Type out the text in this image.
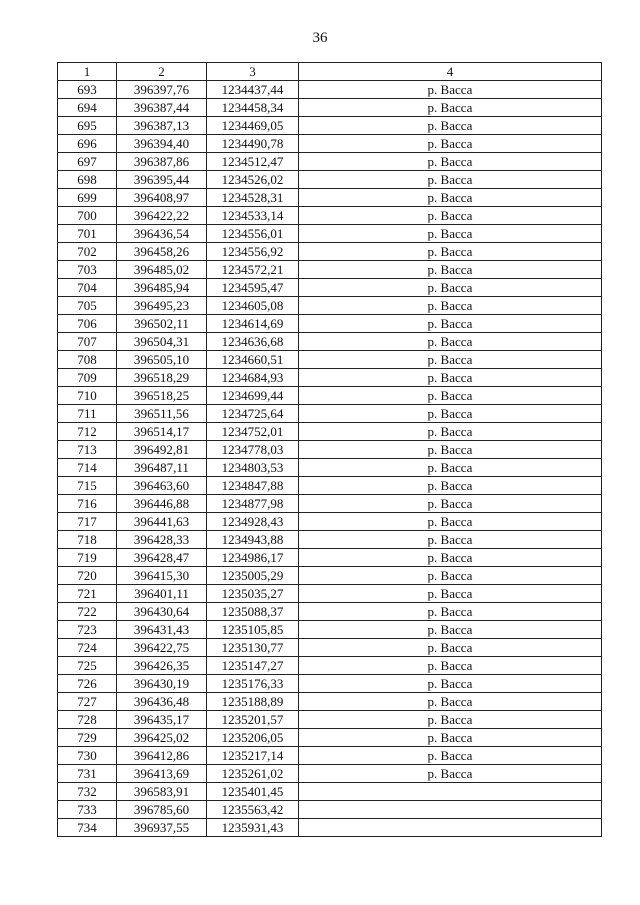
36
1	2	3	4
693	396397,76	1234437,44	р. Васса
694	396387,44	1234458,34	р. Васса
695	396387,13	1234469,05	р. Васса
696	396394,40	1234490,78	р. Васса
697	396387,86	1234512,47	р. Васса
698	396395,44	1234526,02	р. Васса
699	396408,97	1234528,31	р. Васса
700	396422,22	1234533,14	р. Васса
701	396436,54	1234556,01	р. Васса
702	396458,26	1234556,92	р. Васса
703	396485,02	1234572,21	р. Васса
704	396485,94	1234595,47	р. Васса
705	396495,23	1234605,08	р. Васса
706	396502,11	1234614,69	р. Васса
707	396504,31	1234636,68	р. Васса
708	396505,10	1234660,51	р. Васса
709	396518,29	1234684,93	р. Васса
710	396518,25	1234699,44	р. Васса
711	396511,56	1234725,64	р. Васса
712	396514,17	1234752,01	р. Васса
713	396492,81	1234778,03	р. Васса
714	396487,11	1234803,53	р. Васса
715	396463,60	1234847,88	р. Васса
716	396446,88	1234877,98	р. Васса
717	396441,63	1234928,43	р. Васса
718	396428,33	1234943,88	р. Васса
719	396428,47	1234986,17	р. Васса
720	396415,30	1235005,29	р. Васса
721	396401,11	1235035,27	р. Васса
722	396430,64	1235088,37	р. Васса
723	396431,43	1235105,85	р. Васса
724	396422,75	1235130,77	р. Васса
725	396426,35	1235147,27	р. Васса
726	396430,19	1235176,33	р. Васса
727	396436,48	1235188,89	р. Васса
728	396435,17	1235201,57	р. Васса
729	396425,02	1235206,05	р. Васса
730	396412,86	1235217,14	р. Васса
731	396413,69	1235261,02	р. Васса
732	396583,91	1235401,45	
733	396785,60	1235563,42	
734	396937,55	1235931,43	
